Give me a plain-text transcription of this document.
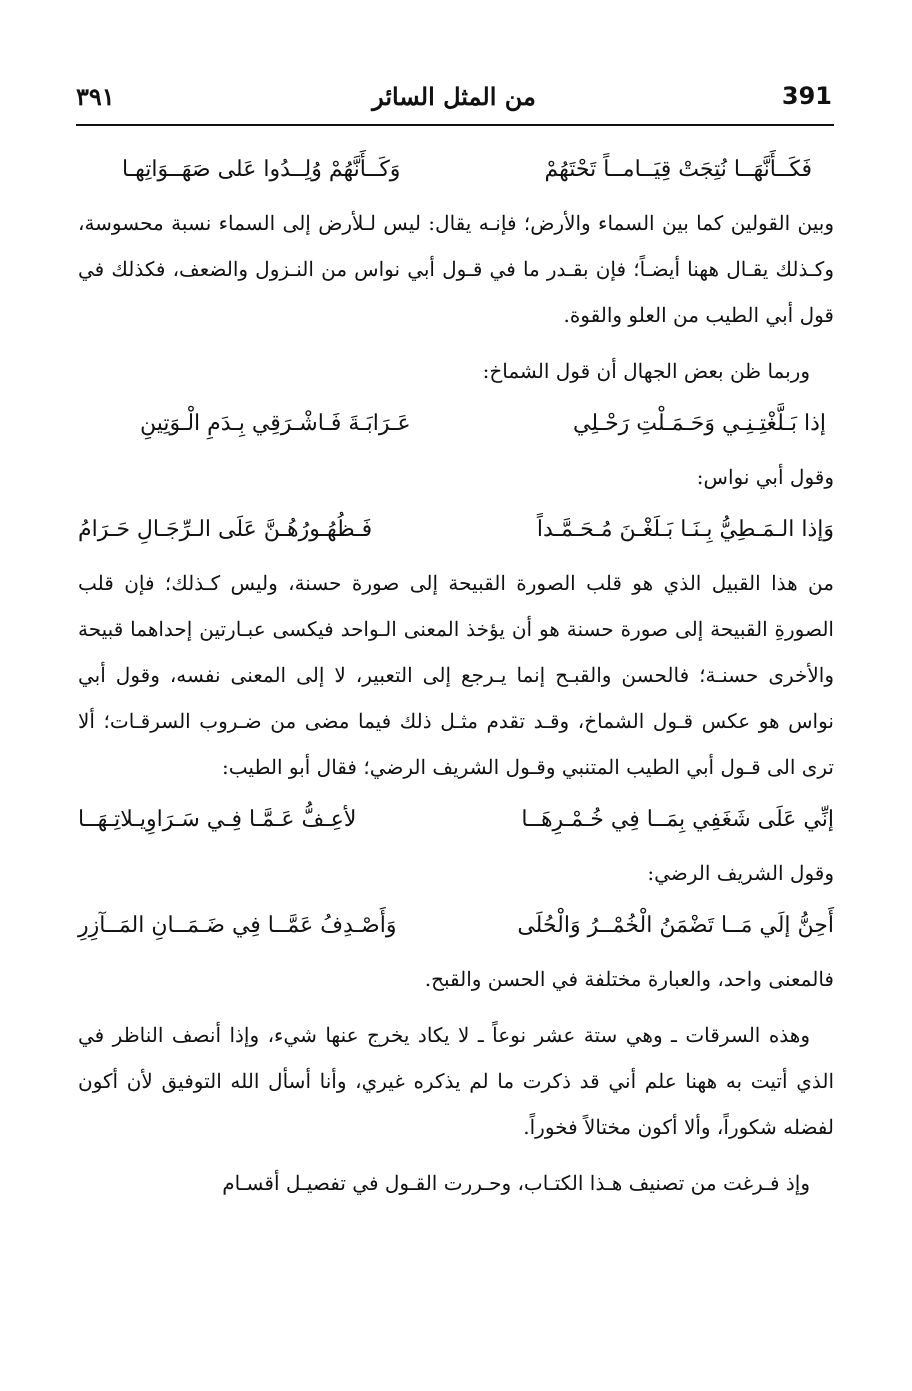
391
من المثل السائر
٣٩١
فَكَــأَنَّهَــا نُتِجَتْ قِيَــامــاً تَحْتَهُمْ
وَكَــأَنَّهُمْ وُلِــدُوا عَلى صَهَــوَاتِهـا

وبين القولين كما بين السماء والأرض؛ فإنـه يقال: ليس لـلأرض إلى السماء نسبة محسوسة، وكـذلك يقـال ههنا أيضـاً؛ فإن بقـدر ما في قـول أبي نواس من النـزول والضعف، فكذلك في قول أبي الطيب من العلو والقوة.

وربما ظن بعض الجهال أن قول الشماخ:

إذا بَـلَّغْتِـنِـي وَحَـمَـلْتِ رَحْـلِي
عَـرَابَـةَ فَـاشْـرَقِي بِـدَمِ الْـوَتِينِ

وقول أبي نواس:

وَإذا الـمَـطِيُّ بِـنَـا بَـلَغْـنَ مُـحَـمَّـداً
فَـظُهُـورُهُـنَّ عَلَى الـرِّجَـالِ حَـرَامُ

من هذا القبيل الذي هو قلب الصورة القبيحة إلى صورة حسنة، وليس كـذلك؛ فإن قلب الصورةِ القبيحة إلى صورة حسنة هو أن يؤخذ المعنى الـواحد فيكسى عبـارتين إحداهما قبيحة والأخرى حسنـة؛ فالحسن والقبـح إنما يـرجع إلى التعبير، لا إلى المعنى نفسه، وقول أبي نواس هو عكس قـول الشماخ، وقـد تقدم مثـل ذلك فيما مضى من ضـروب السرقـات؛ ألا ترى الى قـول أبي الطيب المتنبي وقـول الشريف الرضي؛ فقال أبو الطيب:

إنِّي عَلَى شَغَفِي بِمَــا فِي خُـمْـرِهَــا
لأعِـفُّ عَـمَّـا فِـي سَـرَاوِيـلاتِـهَــا

وقول الشريف الرضي:

أَحِنُّ إلَي مَــا تَضْمَنُ الْخُمْــرُ وَالْحُلَى
وَأَصْـدِفُ عَمَّــا فِي ضَـمَــانِ المَــآزِرِ

فالمعنى واحد، والعبارة مختلفة في الحسن والقبح.

وهذه السرقات ـ وهي ستة عشر نوعاً ـ لا يكاد يخرج عنها شيء، وإذا أنصف الناظر في الذي أتيت به ههنا علم أني قد ذكرت ما لم يذكره غيري، وأنا أسأل الله التوفيق لأن أكون لفضله شكوراً، وألا أكون مختالاً فخوراً.

وإذ فـرغت من تصنيف هـذا الكتـاب، وحـررت القـول في تفصيـل أقسـام
